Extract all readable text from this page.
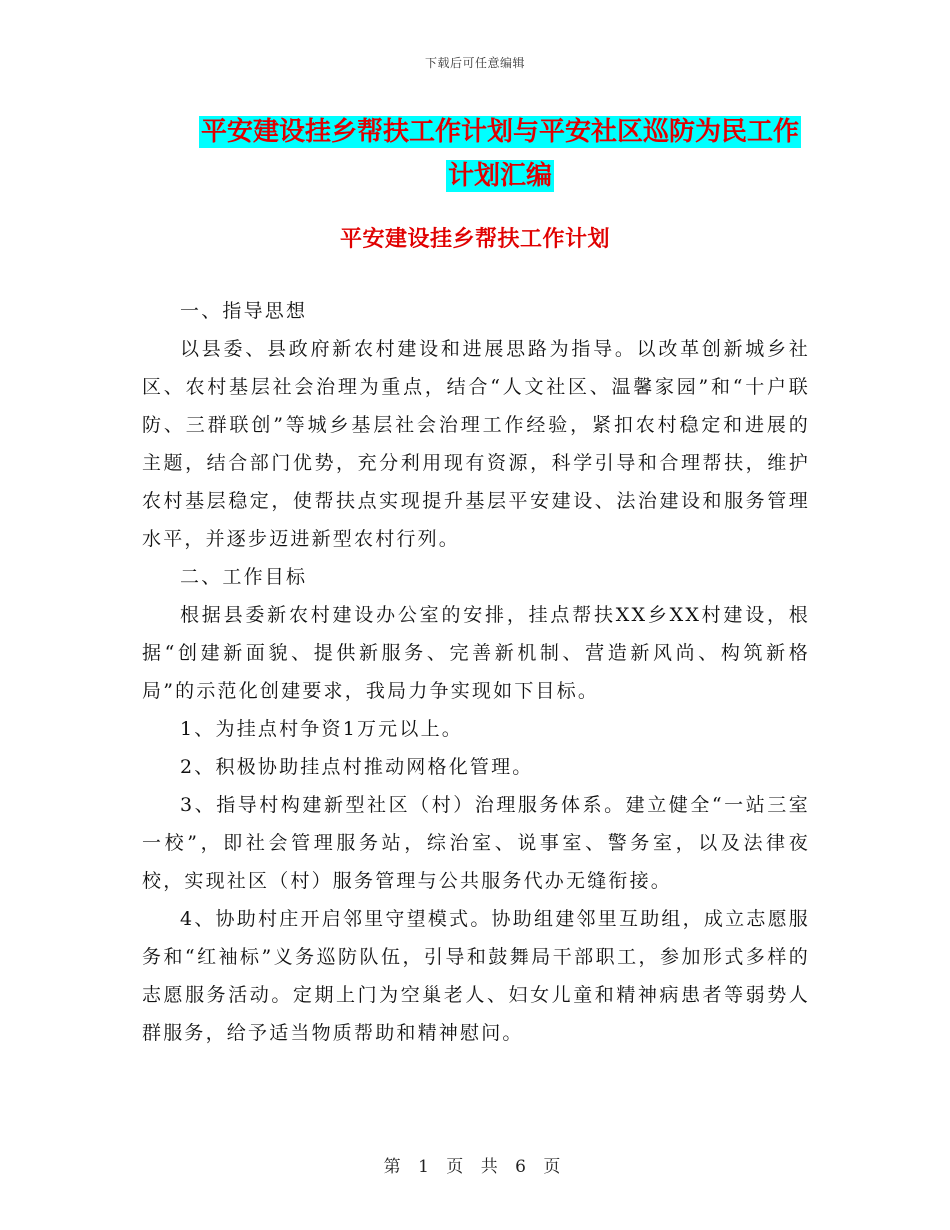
下载后可任意编辑
平安建设挂乡帮扶工作计划与平安社区巡防为民工作
计划汇编
平安建设挂乡帮扶工作计划

一、指导思想

以县委、县政府新农村建设和进展思路为指导。以改革创新城乡社区、农村基层社会治理为重点，结合“人文社区、温馨家园”和“十户联防、三群联创”等城乡基层社会治理工作经验，紧扣农村稳定和进展的主题，结合部门优势，充分利用现有资源，科学引导和合理帮扶，维护农村基层稳定，使帮扶点实现提升基层平安建设、法治建设和服务管理水平，并逐步迈进新型农村行列。

二、工作目标

根据县委新农村建设办公室的安排，挂点帮扶XX乡XX村建设，根据“创建新面貌、提供新服务、完善新机制、营造新风尚、构筑新格局”的示范化创建要求，我局力争实现如下目标。

1、为挂点村争资1万元以上。

2、积极协助挂点村推动网格化管理。

3、指导村构建新型社区（村）治理服务体系。建立健全“一站三室一校”，即社会管理服务站，综治室、说事室、警务室，以及法律夜校，实现社区（村）服务管理与公共服务代办无缝衔接。

4、协助村庄开启邻里守望模式。协助组建邻里互助组，成立志愿服务和“红袖标”义务巡防队伍，引导和鼓舞局干部职工，参加形式多样的志愿服务活动。定期上门为空巢老人、妇女儿童和精神病患者等弱势人群服务，给予适当物质帮助和精神慰问。

第 1 页 共 6 页
